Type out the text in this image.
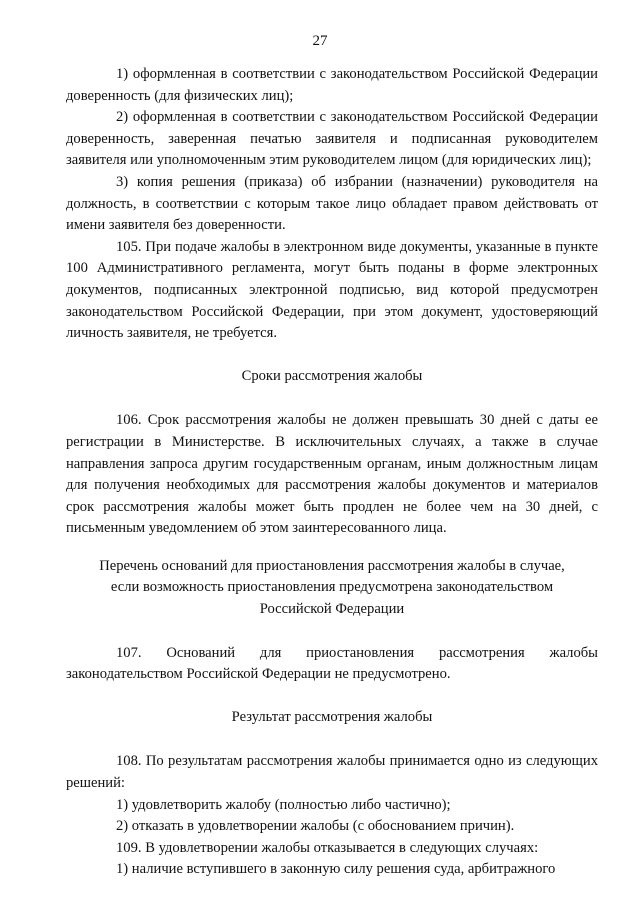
27

1) оформленная в соответствии с законодательством Российской Федерации доверенность (для физических лиц);

2) оформленная в соответствии с законодательством Российской Федерации доверенность, заверенная печатью заявителя и подписанная руководителем заявителя или уполномоченным этим руководителем лицом (для юридических лиц);

3) копия решения (приказа) об избрании (назначении) руководителя на должность, в соответствии с которым такое лицо обладает правом действовать от имени заявителя без доверенности.

105. При подаче жалобы в электронном виде документы, указанные в пункте 100 Административного регламента, могут быть поданы в форме электронных документов, подписанных электронной подписью, вид которой предусмотрен законодательством Российской Федерации, при этом документ, удостоверяющий личность заявителя, не требуется.

Сроки рассмотрения жалобы

106. Срок рассмотрения жалобы не должен превышать 30 дней с даты ее регистрации в Министерстве. В исключительных случаях, а также в случае направления запроса другим государственным органам, иным должностным лицам для получения необходимых для рассмотрения жалобы документов и материалов срок рассмотрения жалобы может быть продлен не более чем на 30 дней, с письменным уведомлением об этом заинтересованного лица.

Перечень оснований для приостановления рассмотрения жалобы в случае, если возможность приостановления предусмотрена законодательством Российской Федерации

107. Оснований для приостановления рассмотрения жалобы законодательством Российской Федерации не предусмотрено.

Результат рассмотрения жалобы

108. По результатам рассмотрения жалобы принимается одно из следующих решений:

1) удовлетворить жалобу (полностью либо частично);

2) отказать в удовлетворении жалобы (с обоснованием причин).

109. В удовлетворении жалобы отказывается в следующих случаях:

1) наличие вступившего в законную силу решения суда, арбитражного
